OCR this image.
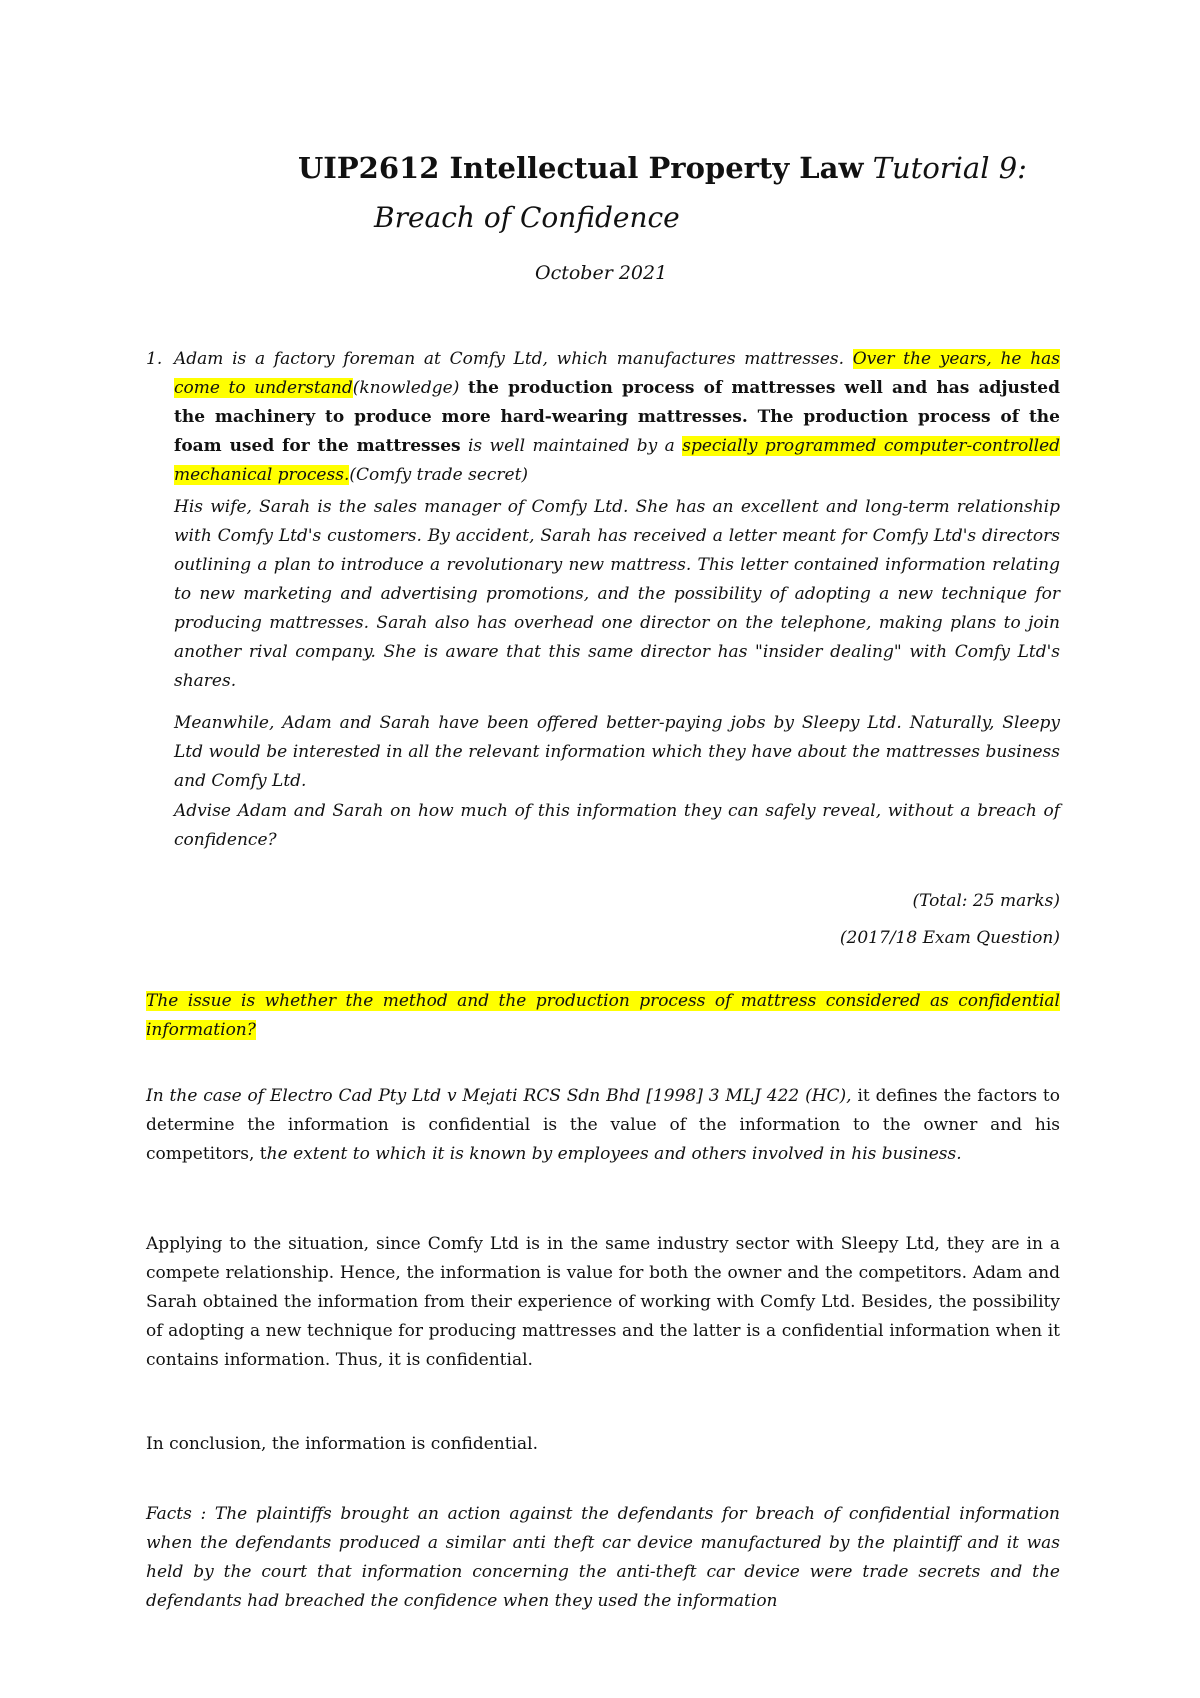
UIP2612 Intellectual Property Law Tutorial 9:
Breach of Confidence
October 2021
1. Adam is a factory foreman at Comfy Ltd, which manufactures mattresses. Over the years, he has come to understand(knowledge) the production process of mattresses well and has adjusted the machinery to produce more hard-wearing mattresses. The production process of the foam used for the mattresses is well maintained by a specially programmed computer-controlled mechanical process.(Comfy trade secret)
His wife, Sarah is the sales manager of Comfy Ltd. She has an excellent and long-term relationship with Comfy Ltd's customers. By accident, Sarah has received a letter meant for Comfy Ltd's directors outlining a plan to introduce a revolutionary new mattress. This letter contained information relating to new marketing and advertising promotions, and the possibility of adopting a new technique for producing mattresses. Sarah also has overhead one director on the telephone, making plans to join another rival company. She is aware that this same director has "insider dealing" with Comfy Ltd's shares.
Meanwhile, Adam and Sarah have been offered better-paying jobs by Sleepy Ltd. Naturally, Sleepy Ltd would be interested in all the relevant information which they have about the mattresses business and Comfy Ltd.
Advise Adam and Sarah on how much of this information they can safely reveal, without a breach of confidence?
(Total: 25 marks)
(2017/18 Exam Question)
The issue is whether the method and the production process of mattress considered as confidential information?
In the case of Electro Cad Pty Ltd v Mejati RCS Sdn Bhd [1998] 3 MLJ 422 (HC), it defines the factors to determine the information is confidential is the value of the information to the owner and his competitors, the extent to which it is known by employees and others involved in his business.
Applying to the situation, since Comfy Ltd is in the same industry sector with Sleepy Ltd, they are in a compete relationship. Hence, the information is value for both the owner and the competitors. Adam and Sarah obtained the information from their experience of working with Comfy Ltd. Besides, the possibility of adopting a new technique for producing mattresses and the latter is a confidential information when it contains information. Thus, it is confidential.
In conclusion, the information is confidential.
Facts : The plaintiffs brought an action against the defendants for breach of confidential information when the defendants produced a similar anti theft car device manufactured by the plaintiff and it was held by the court that information concerning the anti-theft car device were trade secrets and the defendants had breached the confidence when they used the information
